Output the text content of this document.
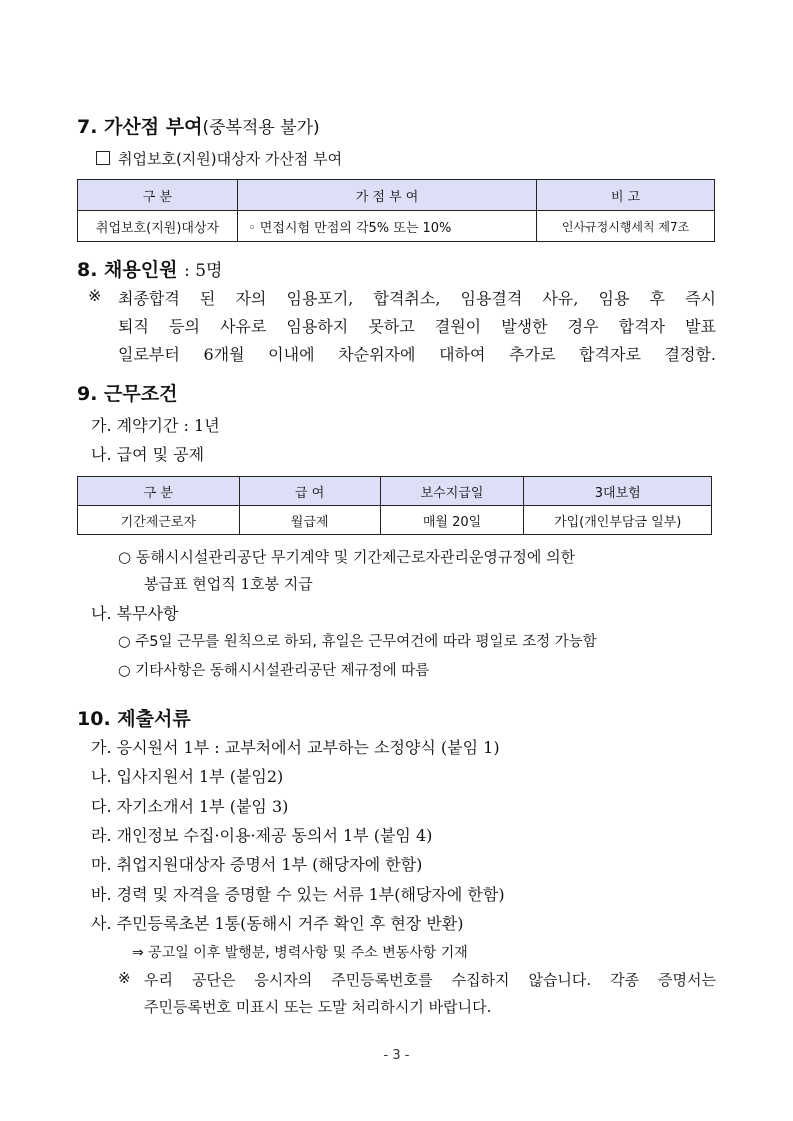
7. 가산점 부여(중복적용 불가)
취업보호(지원)대상자 가산점 부여
구 분	가 점 부 여	비 고
취업보호(지원)대상자	◦ 면접시험 만점의 각5% 또는 10%	인사규정시행세칙 제7조
8. 채용인원 : 5명
※ 최종합격 된 자의 임용포기, 합격취소, 임용결격 사유, 임용 후 즉시
퇴직 등의 사유로 임용하지 못하고 결원이 발생한 경우 합격자 발표
일로부터 6개월 이내에 차순위자에 대하여 추가로 합격자로 결정함.
9. 근무조건
가. 계약기간 : 1년
나. 급여 및 공제
구 분	급 여	보수지급일	3대보험
기간제근로자	월급제	매월 20일	가입(개인부담금 일부)
○ 동해시시설관리공단 무기계약 및 기간제근로자관리운영규정에 의한
봉급표 현업직 1호봉 지급
나. 복무사항
○ 주5일 근무를 원칙으로 하되, 휴일은 근무여건에 따라 평일로 조정 가능함
○ 기타사항은 동해시시설관리공단 제규정에 따름
10. 제출서류
가. 응시원서 1부 : 교부처에서 교부하는 소정양식 (붙임 1)
나. 입사지원서 1부 (붙임2)
다. 자기소개서 1부 (붙임 3)
라. 개인정보 수집·이용·제공 동의서 1부 (붙임 4)
마. 취업지원대상자 증명서 1부 (해당자에 한함)
바. 경력 및 자격을 증명할 수 있는 서류 1부(해당자에 한함)
사. 주민등록초본 1통(동해시 거주 확인 후 현장 반환)
⇒ 공고일 이후 발행분, 병력사항 및 주소 변동사항 기재
※ 우리 공단은 응시자의 주민등록번호를 수집하지 않습니다. 각종 증명서는
주민등록번호 미표시 또는 도말 처리하시기 바랍니다.
- 3 -
